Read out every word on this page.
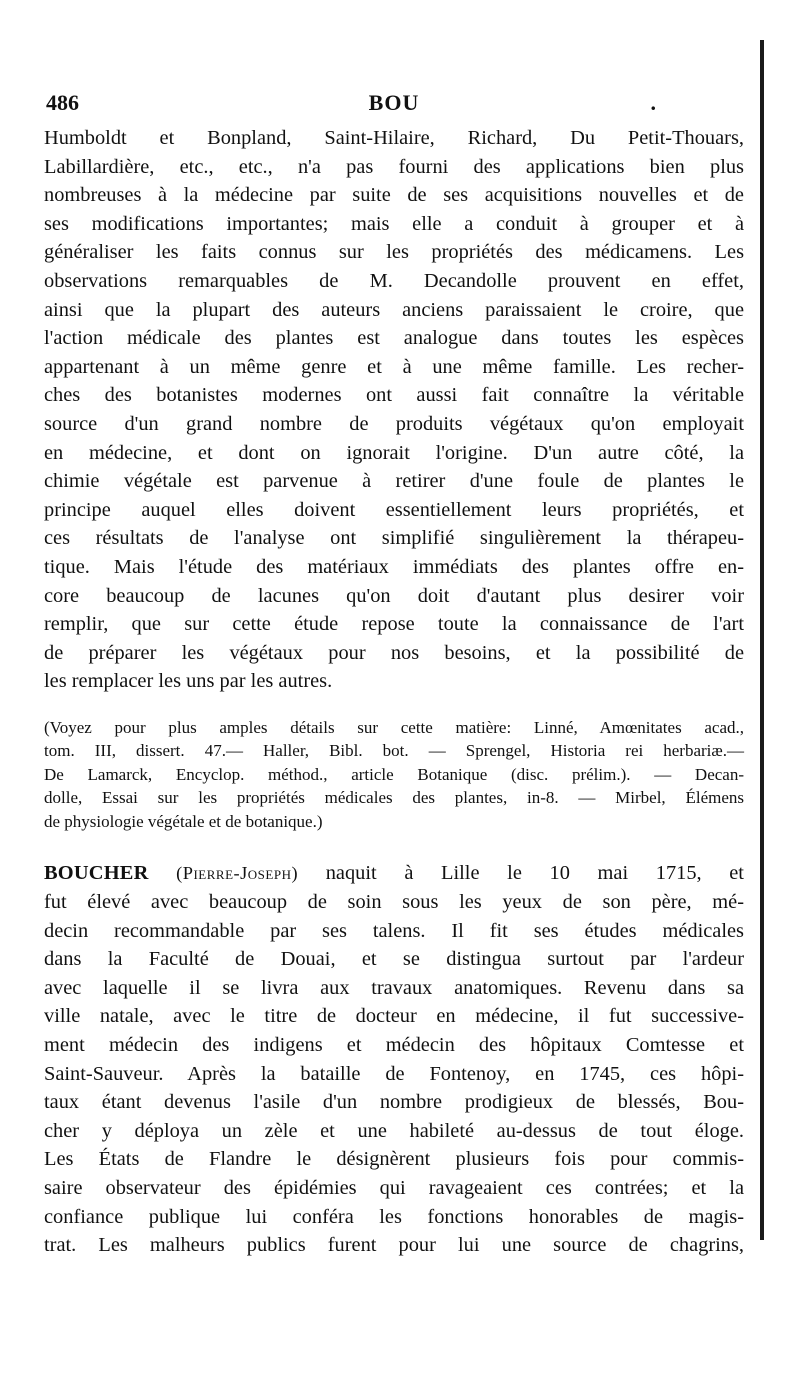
486	BOU	.
Humboldt et Bonpland, Saint-Hilaire, Richard, Du Petit-Thouars,
Labillardière, etc., etc., n'a pas fourni des applications bien plus
nombreuses à la médecine par suite de ses acquisitions nouvelles et de
ses modifications importantes; mais elle a conduit à grouper et à
généraliser les faits connus sur les propriétés des médicamens. Les
observations remarquables de M. Decandolle prouvent en effet,
ainsi que la plupart des auteurs anciens paraissaient le croire, que
l'action médicale des plantes est analogue dans toutes les espèces
appartenant à un même genre et à une même famille. Les recher-
ches des botanistes modernes ont aussi fait connaître la véritable
source d'un grand nombre de produits végétaux qu'on employait
en médecine, et dont on ignorait l'origine. D'un autre côté, la
chimie végétale est parvenue à retirer d'une foule de plantes le
principe auquel elles doivent essentiellement leurs propriétés, et
ces résultats de l'analyse ont simplifié singulièrement la thérapeu-
tique. Mais l'étude des matériaux immédiats des plantes offre en-
core beaucoup de lacunes qu'on doit d'autant plus desirer voir
remplir, que sur cette étude repose toute la connaissance de l'art
de préparer les végétaux pour nos besoins, et la possibilité de
les remplacer les uns par les autres.
(Voyez pour plus amples détails sur cette matière: Linné, Amœnitates acad.,
tom. III, dissert. 47.— Haller, Bibl. bot. — Sprengel, Historia rei herbariæ.—
De Lamarck, Encyclop. méthod., article Botanique (disc. prélim.). — Decan-
dolle, Essai sur les propriétés médicales des plantes, in-8. — Mirbel, Élémens
de physiologie végétale et de botanique.)
BOUCHER (Pierre-Joseph) naquit à Lille le 10 mai 1715, et
fut élevé avec beaucoup de soin sous les yeux de son père, mé-
decin recommandable par ses talens. Il fit ses études médicales
dans la Faculté de Douai, et se distingua surtout par l'ardeur
avec laquelle il se livra aux travaux anatomiques. Revenu dans sa
ville natale, avec le titre de docteur en médecine, il fut successive-
ment médecin des indigens et médecin des hôpitaux Comtesse et
Saint-Sauveur. Après la bataille de Fontenoy, en 1745, ces hôpi-
taux étant devenus l'asile d'un nombre prodigieux de blessés, Bou-
cher y déploya un zèle et une habileté au-dessus de tout éloge.
Les États de Flandre le désignèrent plusieurs fois pour commis-
saire observateur des épidémies qui ravageaient ces contrées; et la
confiance publique lui conféra les fonctions honorables de magis-
trat. Les malheurs publics furent pour lui une source de chagrins,
